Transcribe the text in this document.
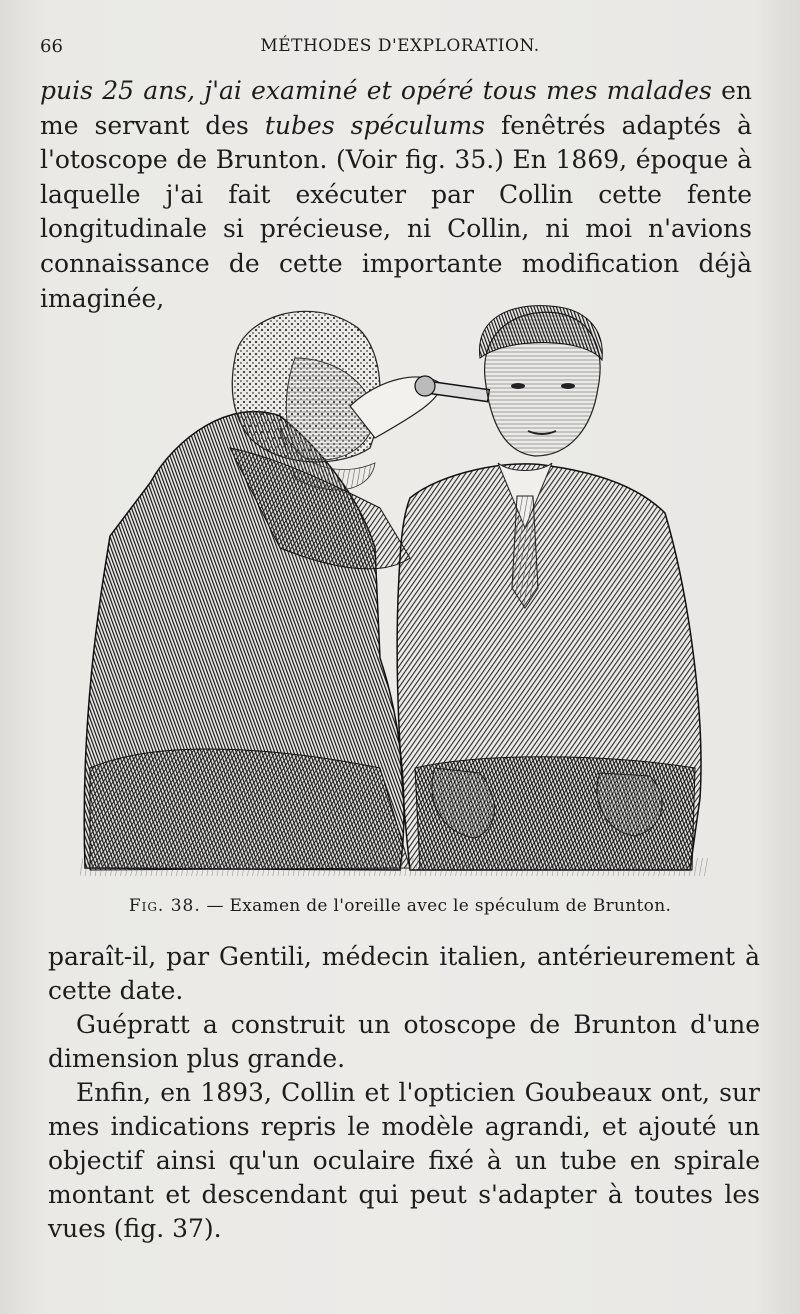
66	MÉTHODES D'EXPLORATION.

puis 25 ans, j'ai examiné et opéré tous mes malades en me servant des tubes spéculums fenêtrés adaptés à l'otoscope de Brunton. (Voir fig. 35.) En 1869, époque à laquelle j'ai fait exécuter par Collin cette fente longitudinale si précieuse, ni Collin, ni moi n'avions connaissance de cette importante modification déjà imaginée,

Fig. 38. — Examen de l'oreille avec le spéculum de Brunton.

paraît-il, par Gentili, médecin italien, antérieurement à cette date.

Guépratt a construit un otoscope de Brunton d'une dimension plus grande.

Enfin, en 1893, Collin et l'opticien Goubeaux ont, sur mes indications repris le modèle agrandi, et ajouté un objectif ainsi qu'un oculaire fixé à un tube en spirale montant et descendant qui peut s'adapter à toutes les vues (fig. 37).
